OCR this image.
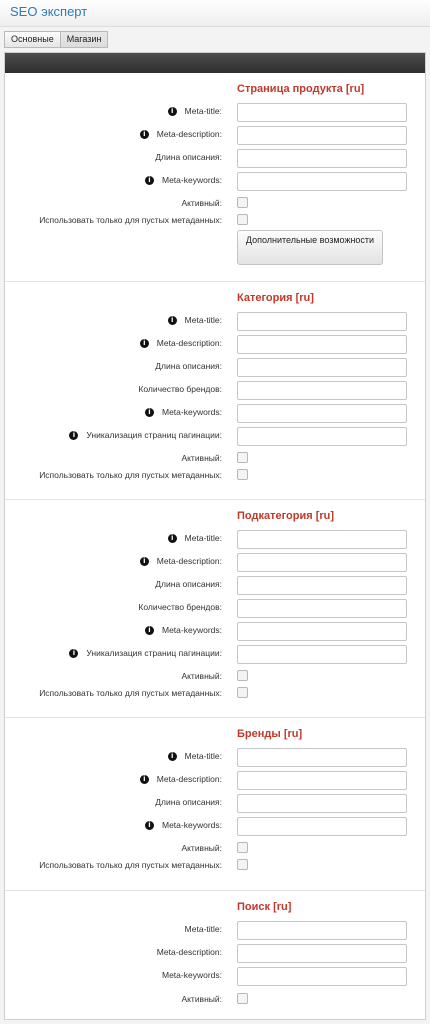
SEO эксперт
Основные	Магазин
Страница продукта [ru]
i	Meta-title:
i	Meta-description:
Длина описания:
i	Meta-keywords:
Активный:
Использовать только для пустых метаданных:
Дополнительные возможности
Категория [ru]
i	Meta-title:
i	Meta-description:
Длина описания:
Количество брендов:
i	Meta-keywords:
i	Уникализация страниц пагинации:
Активный:
Использовать только для пустых метаданных:
Подкатегория [ru]
i	Meta-title:
i	Meta-description:
Длина описания:
Количество брендов:
i	Meta-keywords:
i	Уникализация страниц пагинации:
Активный:
Использовать только для пустых метаданных:
Бренды [ru]
i	Meta-title:
i	Meta-description:
Длина описания:
i	Meta-keywords:
Активный:
Использовать только для пустых метаданных:
Поиск [ru]
Meta-title:
Meta-description:
Meta-keywords:
Активный:
